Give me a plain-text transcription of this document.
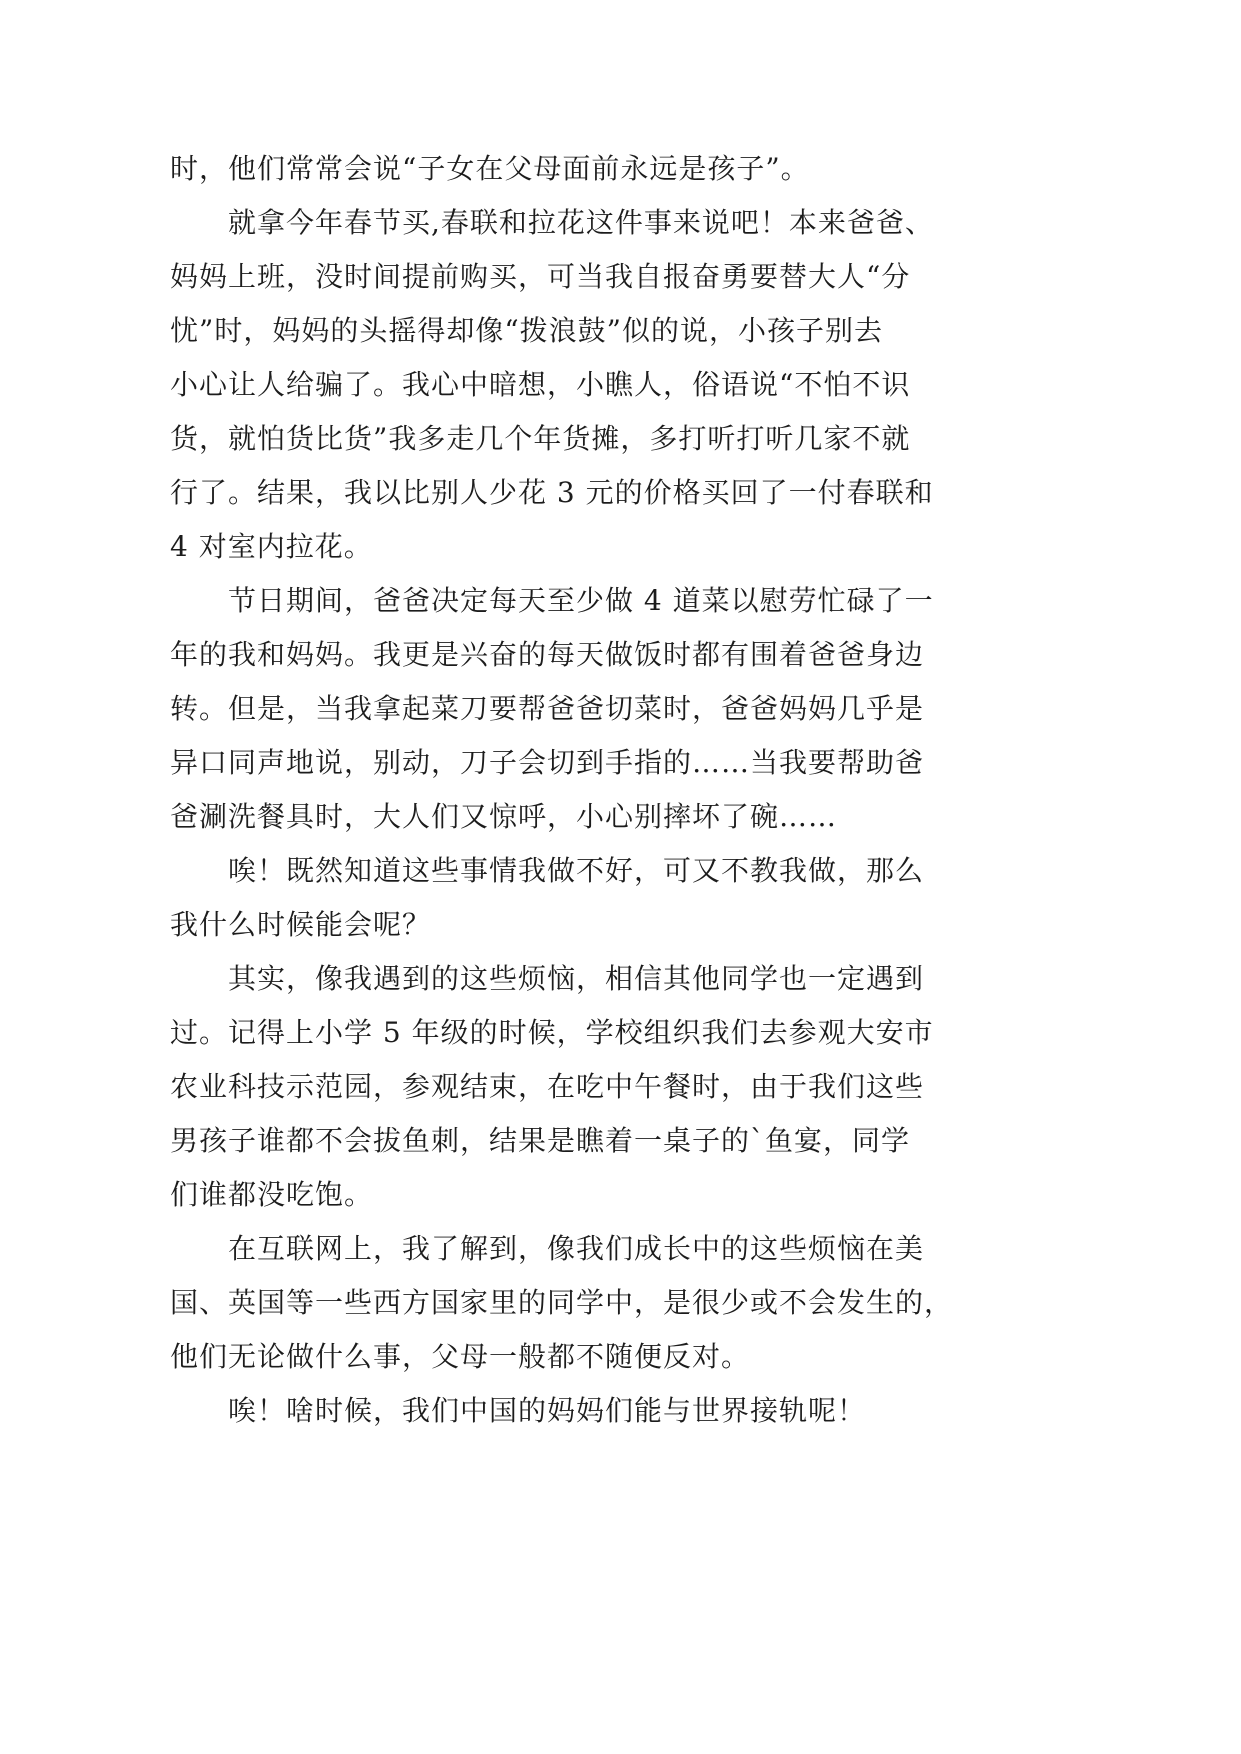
时，他们常常会说“子女在父母面前永远是孩子”。
就拿今年春节买,春联和拉花这件事来说吧！本来爸爸、
妈妈上班，没时间提前购买，可当我自报奋勇要替大人“分
忧”时，妈妈的头摇得却像“拨浪鼓”似的说，小孩子别去
小心让人给骗了。我心中暗想，小瞧人，俗语说“不怕不识
货，就怕货比货”我多走几个年货摊，多打听打听几家不就
行了。结果，我以比别人少花 3 元的价格买回了一付春联和
4 对室内拉花。
节日期间，爸爸决定每天至少做 4 道菜以慰劳忙碌了一
年的我和妈妈。我更是兴奋的每天做饭时都有围着爸爸身边
转。但是，当我拿起菜刀要帮爸爸切菜时，爸爸妈妈几乎是
异口同声地说，别动，刀子会切到手指的……当我要帮助爸
爸涮洗餐具时，大人们又惊呼，小心别摔坏了碗……
唉！既然知道这些事情我做不好，可又不教我做，那么
我什么时候能会呢？
其实，像我遇到的这些烦恼，相信其他同学也一定遇到
过。记得上小学 5 年级的时候，学校组织我们去参观大安市
农业科技示范园，参观结束，在吃中午餐时，由于我们这些
男孩子谁都不会拔鱼刺，结果是瞧着一桌子的`鱼宴，同学
们谁都没吃饱。
在互联网上，我了解到，像我们成长中的这些烦恼在美
国、英国等一些西方国家里的同学中，是很少或不会发生的，
他们无论做什么事，父母一般都不随便反对。
唉！啥时候，我们中国的妈妈们能与世界接轨呢！
